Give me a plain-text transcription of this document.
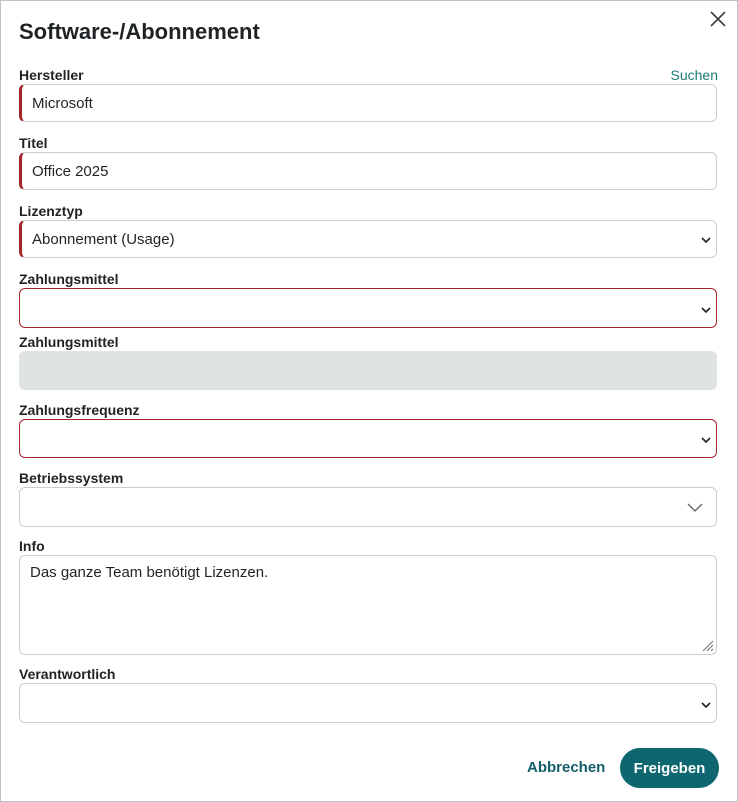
Software-/Abonnement
Hersteller	Suchen
Microsoft
Titel
Office 2025
Lizenztyp
Abonnement (Usage)
Zahlungsmittel
Zahlungsmittel
Zahlungsfrequenz
Betriebssystem
Info
Das ganze Team benötigt Lizenzen.
Verantwortlich
Abbrechen	Freigeben
